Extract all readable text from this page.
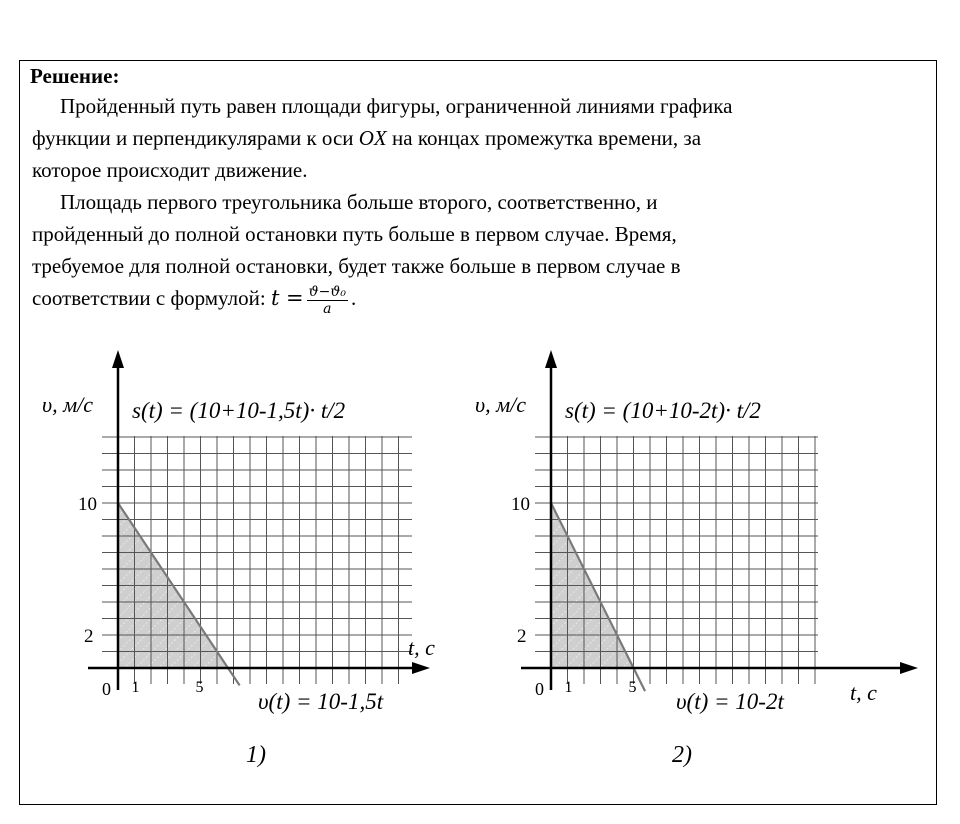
Решение:

Пройденный путь равен площади фигуры, ограниченной линиями графика
функции и перпендикулярами к оси OX на концах промежутка времени, за
которое происходит движение.

Площадь первого треугольника больше второго, соответственно, и
пройденный до полной остановки путь больше в первом случае. Время,
требуемое для полной остановки, будет также больше в первом случае в
соответствии с формулой: $t = \frac{\text{ϑ−ϑ₀}}{a}$ .

0 1	5
10
2
υ, м/с
t, с
s(t) = (10+10-1,5t)· t/2
υ(t) = 10-1,5t
1)
0 1	5
10
2
υ, м/с
t, с
s(t) = (10+10-2t)· t/2
υ(t) = 10-2t
2)
